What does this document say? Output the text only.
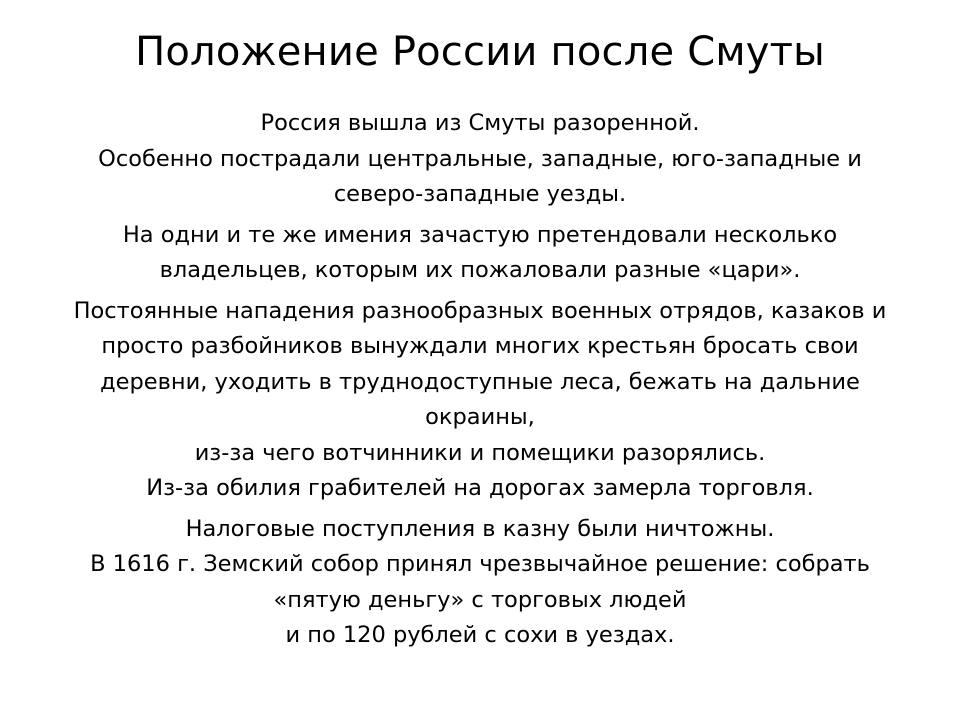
Положение России после Смуты

Россия вышла из Смуты разоренной.
Особенно пострадали центральные, западные, юго-западные и
северо-западные уезды.

На одни и те же имения зачастую претендовали несколько
владельцев, которым их пожаловали разные «цари».

Постоянные нападения разнообразных военных отрядов, казаков и
просто разбойников вынуждали многих крестьян бросать свои
деревни, уходить в труднодоступные леса, бежать на дальние
окраины,
из-за чего вотчинники и помещики разорялись.
Из-за обилия грабителей на дорогах замерла торговля.

Налоговые поступления в казну были ничтожны.
В 1616 г. Земский собор принял чрезвычайное решение: собрать
«пятую деньгу» с торговых людей
и по 120 рублей с сохи в уездах.
